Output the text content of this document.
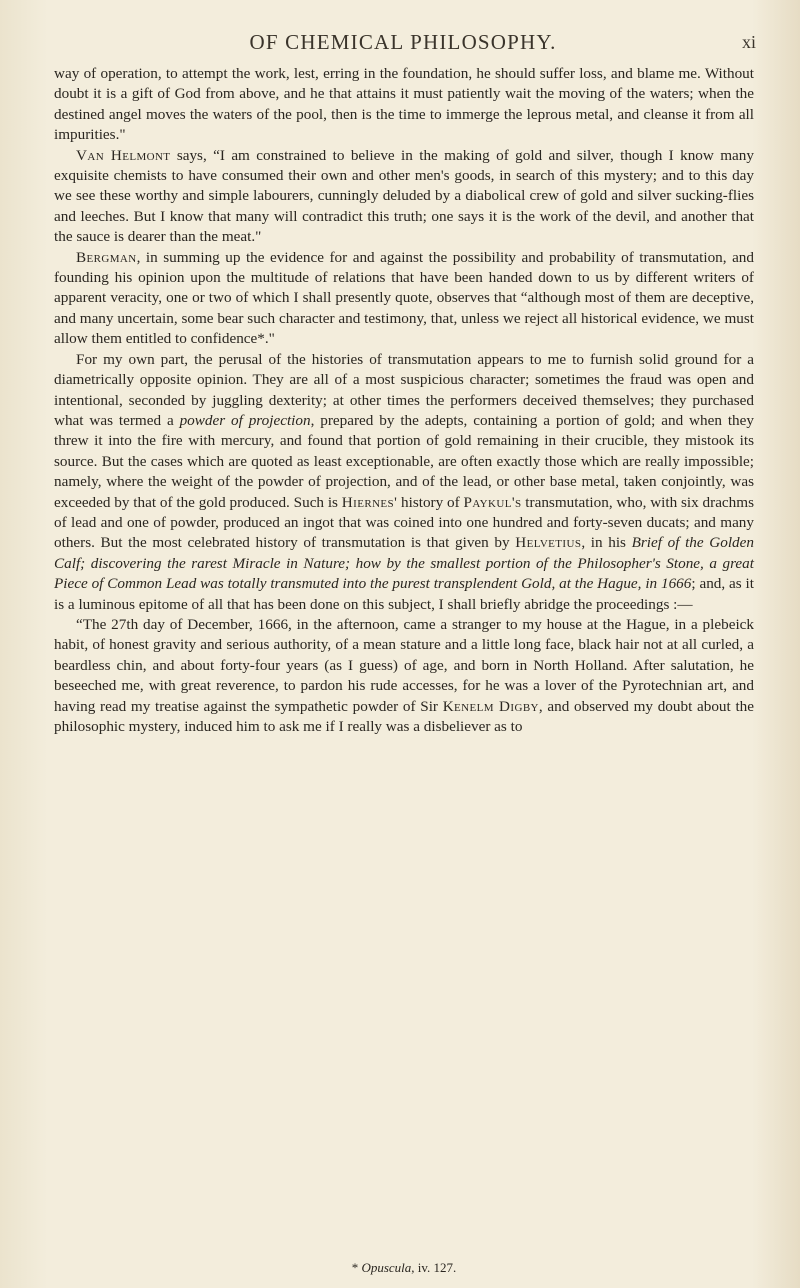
OF CHEMICAL PHILOSOPHY.	xi

way of operation, to attempt the work, lest, erring in the foundation, he should suffer loss, and blame me. Without doubt it is a gift of God from above, and he that attains it must patiently wait the moving of the waters; when the destined angel moves the waters of the pool, then is the time to immerge the leprous metal, and cleanse it from all impurities."

Van Helmont says, “I am constrained to believe in the making of gold and silver, though I know many exquisite chemists to have consumed their own and other men's goods, in search of this mystery; and to this day we see these worthy and simple labourers, cunningly deluded by a diabolical crew of gold and silver sucking-flies and leeches. But I know that many will contradict this truth; one says it is the work of the devil, and another that the sauce is dearer than the meat."

Bergman, in summing up the evidence for and against the possibility and probability of transmutation, and founding his opinion upon the multitude of relations that have been handed down to us by different writers of apparent veracity, one or two of which I shall presently quote, observes that “although most of them are deceptive, and many uncertain, some bear such character and testimony, that, unless we reject all historical evidence, we must allow them entitled to confidence*."

For my own part, the perusal of the histories of transmutation appears to me to furnish solid ground for a diametrically opposite opinion. They are all of a most suspicious character; sometimes the fraud was open and intentional, seconded by juggling dexterity; at other times the performers deceived themselves; they purchased what was termed a powder of projection, prepared by the adepts, containing a portion of gold; and when they threw it into the fire with mercury, and found that portion of gold remaining in their crucible, they mistook its source. But the cases which are quoted as least exceptionable, are often exactly those which are really impossible; namely, where the weight of the powder of projection, and of the lead, or other base metal, taken conjointly, was exceeded by that of the gold produced. Such is Hiernes' history of Paykul's transmutation, who, with six drachms of lead and one of powder, produced an ingot that was coined into one hundred and forty-seven ducats; and many others. But the most celebrated history of transmutation is that given by Helvetius, in his Brief of the Golden Calf; discovering the rarest Miracle in Nature; how by the smallest portion of the Philosopher's Stone, a great Piece of Common Lead was totally transmuted into the purest transplendent Gold, at the Hague, in 1666; and, as it is a luminous epitome of all that has been done on this subject, I shall briefly abridge the proceedings :—

“The 27th day of December, 1666, in the afternoon, came a stranger to my house at the Hague, in a plebeick habit, of honest gravity and serious authority, of a mean stature and a little long face, black hair not at all curled, a beardless chin, and about forty-four years (as I guess) of age, and born in North Holland. After salutation, he beseeched me, with great reverence, to pardon his rude accesses, for he was a lover of the Pyrotechnian art, and having read my treatise against the sympathetic powder of Sir Kenelm Digby, and observed my doubt about the philosophic mystery, induced him to ask me if I really was a disbeliever as to

* Opuscula, iv. 127.
